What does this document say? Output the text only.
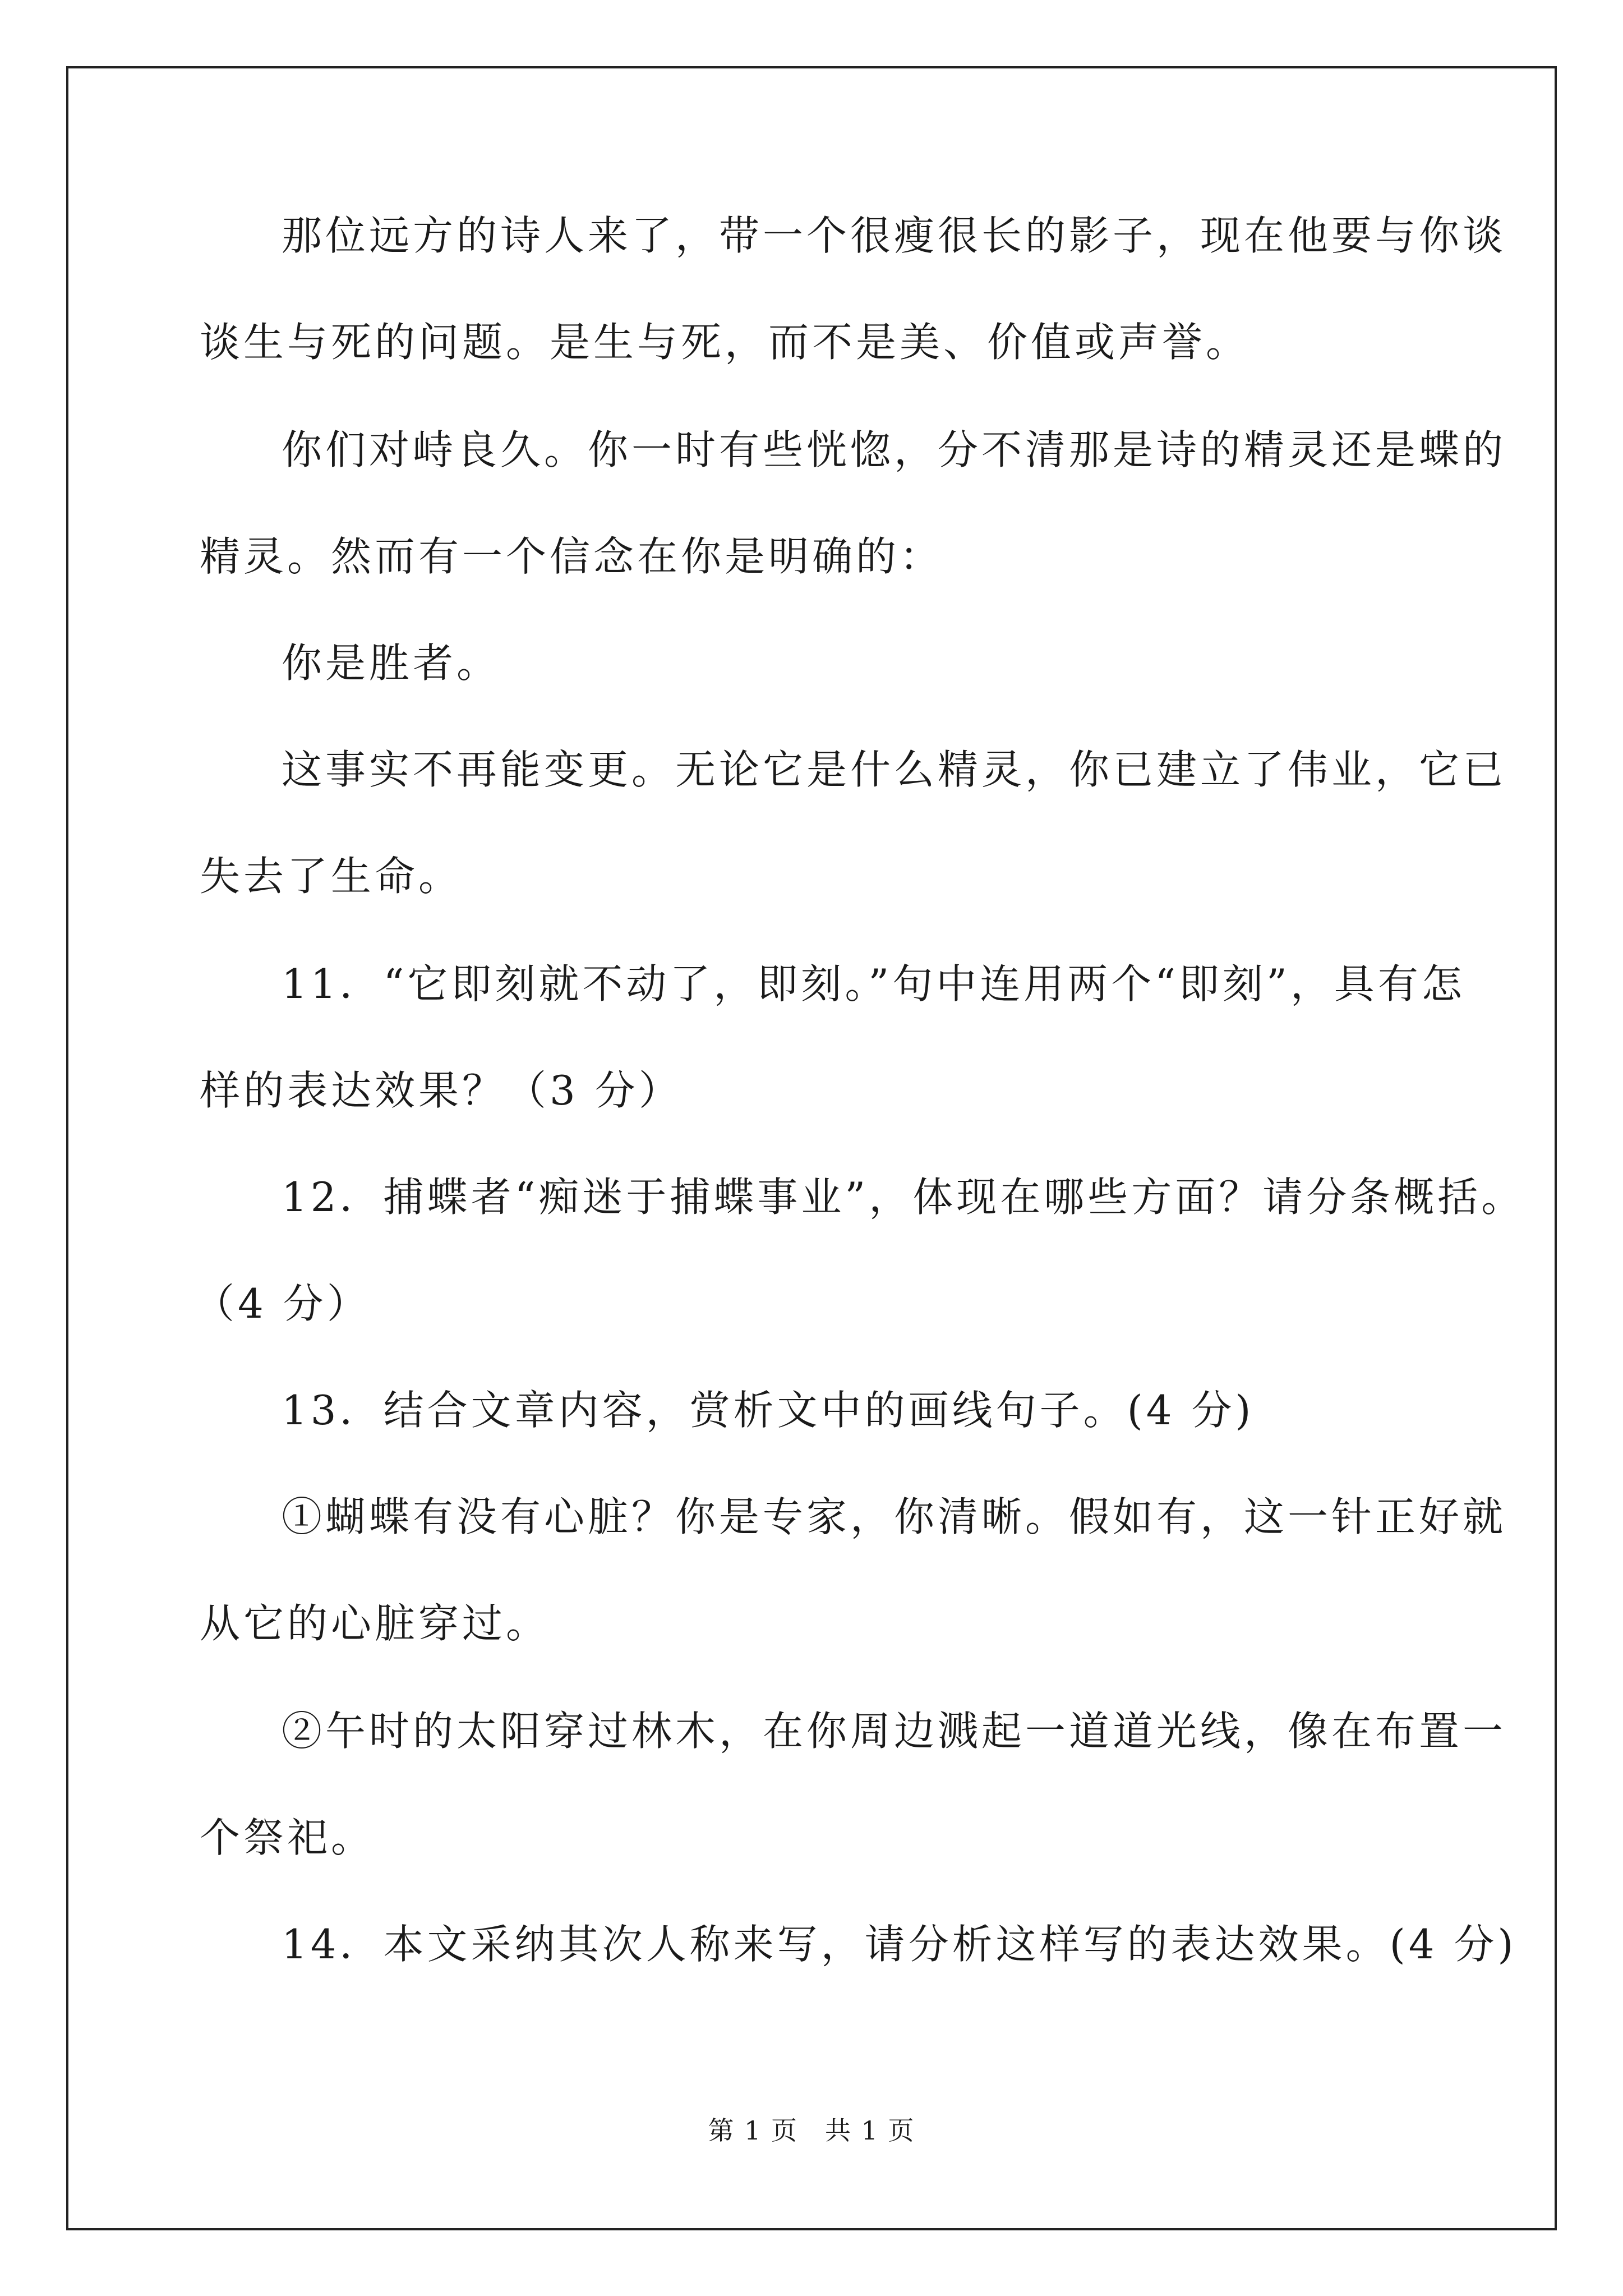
那位远方的诗人来了，带一个很瘦很长的影子，现在他要与你谈
谈生与死的问题。是生与死，而不是美、价值或声誉。
你们对峙良久。你一时有些恍惚，分不清那是诗的精灵还是蝶的
精灵。然而有一个信念在你是明确的：
你是胜者。
这事实不再能变更。无论它是什么精灵，你已建立了伟业，它已
失去了生命。
11．“它即刻就不动了，即刻。”句中连用两个“即刻”，具有怎
样的表达效果？（3 分）
12．捕蝶者“痴迷于捕蝶事业”，体现在哪些方面？请分条概括。
（4 分）
13．结合文章内容，赏析文中的画线句子。(4 分)
①蝴蝶有没有心脏？你是专家，你清晰。假如有，这一针正好就
从它的心脏穿过。
②午时的太阳穿过林木，在你周边溅起一道道光线，像在布置一
个祭祀。
14．本文采纳其次人称来写，请分析这样写的表达效果。(4 分)
第 1 页　共 1 页
